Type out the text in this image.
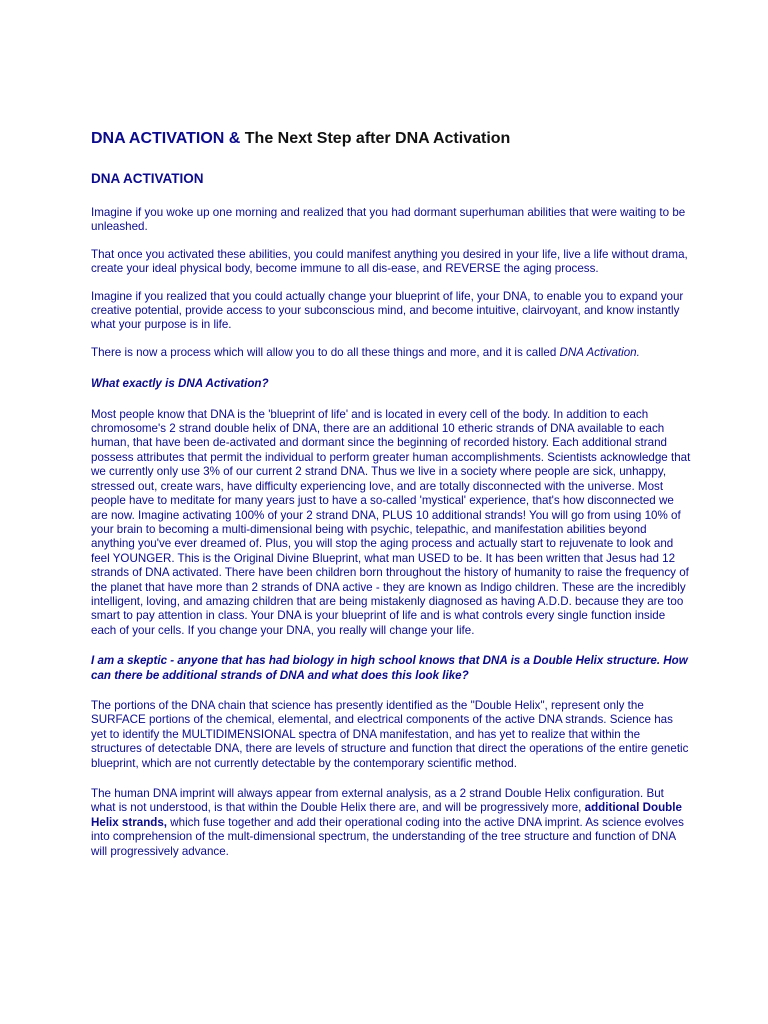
DNA ACTIVATION & The Next Step after DNA Activation
DNA ACTIVATION

Imagine if you woke up one morning and realized that you had dormant superhuman abilities that were waiting to be unleashed.

That once you activated these abilities, you could manifest anything you desired in your life, live a life without drama, create your ideal physical body, become immune to all dis-ease, and REVERSE the aging process.

Imagine if you realized that you could actually change your blueprint of life, your DNA, to enable you to expand your creative potential, provide access to your subconscious mind, and become intuitive, clairvoyant, and know instantly what your purpose is in life.

There is now a process which will allow you to do all these things and more, and it is called DNA Activation.

What exactly is DNA Activation?

Most people know that DNA is the 'blueprint of life' and is located in every cell of the body. In addition to each chromosome's 2 strand double helix of DNA, there are an additional 10 etheric strands of DNA available to each human, that have been de-activated and dormant since the beginning of recorded history. Each additional strand possess attributes that permit the individual to perform greater human accomplishments. Scientists acknowledge that we currently only use 3% of our current 2 strand DNA. Thus we live in a society where people are sick, unhappy, stressed out, create wars, have difficulty experiencing love, and are totally disconnected with the universe. Most people have to meditate for many years just to have a so-called 'mystical' experience, that's how disconnected we are now. Imagine activating 100% of your 2 strand DNA, PLUS 10 additional strands! You will go from using 10% of your brain to becoming a multi-dimensional being with psychic, telepathic, and manifestation abilities beyond anything you've ever dreamed of. Plus, you will stop the aging process and actually start to rejuvenate to look and feel YOUNGER. This is the Original Divine Blueprint, what man USED to be. It has been written that Jesus had 12 strands of DNA activated. There have been children born throughout the history of humanity to raise the frequency of the planet that have more than 2 strands of DNA active - they are known as Indigo children. These are the incredibly intelligent, loving, and amazing children that are being mistakenly diagnosed as having A.D.D. because they are too smart to pay attention in class. Your DNA is your blueprint of life and is what controls every single function inside each of your cells. If you change your DNA, you really will change your life.

I am a skeptic - anyone that has had biology in high school knows that DNA is a Double Helix structure. How can there be additional strands of DNA and what does this look like?

The portions of the DNA chain that science has presently identified as the "Double Helix", represent only the SURFACE portions of the chemical, elemental, and electrical components of the active DNA strands. Science has yet to identify the MULTIDIMENSIONAL spectra of DNA manifestation, and has yet to realize that within the structures of detectable DNA, there are levels of structure and function that direct the operations of the entire genetic blueprint, which are not currently detectable by the contemporary scientific method.

The human DNA imprint will always appear from external analysis, as a 2 strand Double Helix configuration. But what is not understood, is that within the Double Helix there are, and will be progressively more, additional Double Helix strands, which fuse together and add their operational coding into the active DNA imprint. As science evolves into comprehension of the mult-dimensional spectrum, the understanding of the tree structure and function of DNA will progressively advance.
